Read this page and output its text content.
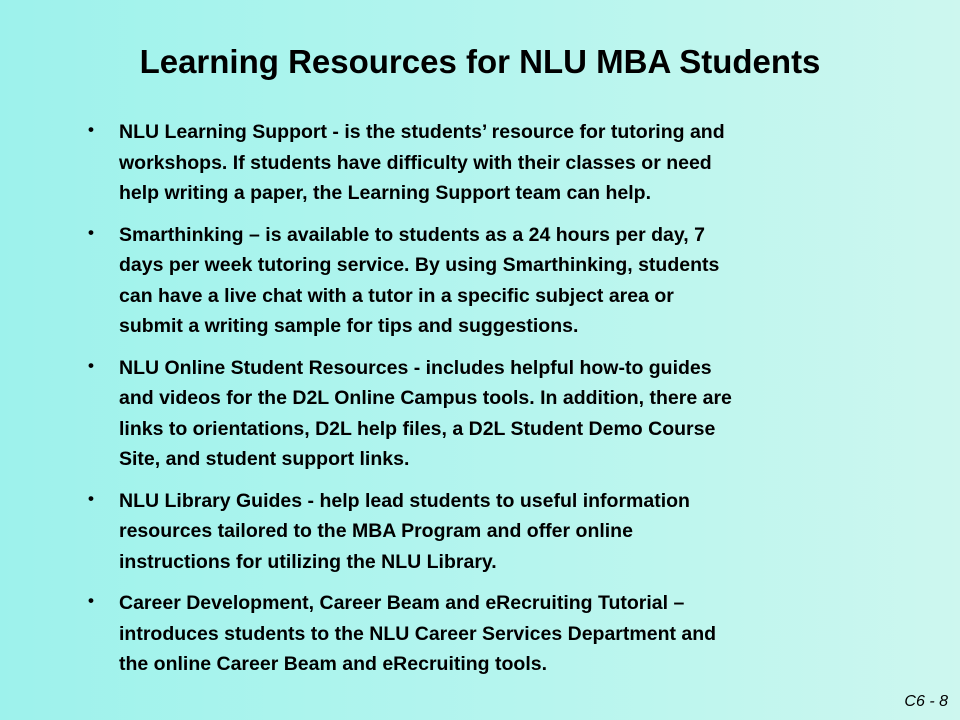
Learning Resources for NLU MBA Students
• NLU Learning Support - is the students’ resource for tutoring and
workshops. If students have difficulty with their classes or need
help writing a paper, the Learning Support team can help.
• Smarthinking – is available to students as a 24 hours per day, 7
days per week tutoring service. By using Smarthinking, students
can have a live chat with a tutor in a specific subject area or
submit a writing sample for tips and suggestions.
• NLU Online Student Resources - includes helpful how-to guides
and videos for the D2L Online Campus tools. In addition, there are
links to orientations, D2L help files, a D2L Student Demo Course
Site, and student support links.
• NLU Library Guides - help lead students to useful information
resources tailored to the MBA Program and offer online
instructions for utilizing the NLU Library.
• Career Development, Career Beam and eRecruiting Tutorial –
introduces students to the NLU Career Services Department and
the online Career Beam and eRecruiting tools.
C6 - 8
